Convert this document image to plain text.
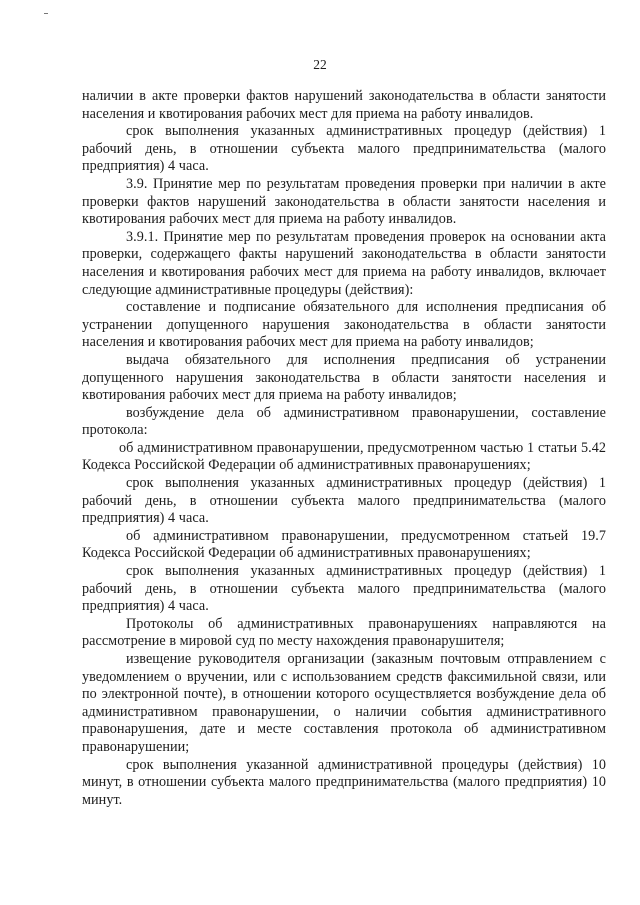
22

наличии в акте проверки фактов нарушений законодательства в области занятости населения и квотирования рабочих мест для приема на работу инвалидов.

срок выполнения указанных административных процедур (действия) 1 рабочий день, в отношении субъекта малого предпринимательства (малого предприятия) 4 часа.

3.9. Принятие мер по результатам проведения проверки при наличии в акте проверки фактов нарушений законодательства в области занятости населения и квотирования рабочих мест для приема на работу инвалидов.

3.9.1. Принятие мер по результатам проведения проверок на основании акта проверки, содержащего факты нарушений законодательства в области занятости населения и квотирования рабочих мест для приема на работу инвалидов, включает следующие административные процедуры (действия):

составление и подписание обязательного для исполнения предписания об устранении допущенного нарушения законодательства в области занятости населения и квотирования рабочих мест для приема на работу инвалидов;

выдача обязательного для исполнения предписания об устранении допущенного нарушения законодательства в области занятости населения и квотирования рабочих мест для приема на работу инвалидов;

возбуждение дела об административном правонарушении, составление протокола:

об административном правонарушении, предусмотренном частью 1 статьи 5.42 Кодекса Российской Федерации об административных правонарушениях;

срок выполнения указанных административных процедур (действия) 1 рабочий день, в отношении субъекта малого предпринимательства (малого предприятия) 4 часа.

об административном правонарушении, предусмотренном статьей 19.7 Кодекса Российской Федерации об административных правонарушениях;

срок выполнения указанных административных процедур (действия) 1 рабочий день, в отношении субъекта малого предпринимательства (малого предприятия) 4 часа.

Протоколы об административных правонарушениях направляются на рассмотрение в мировой суд по месту нахождения правонарушителя;

извещение руководителя организации (заказным почтовым отправлением с уведомлением о вручении, или с использованием средств факсимильной связи, или по электронной почте), в отношении которого осуществляется возбуждение дела об административном правонарушении, о наличии события административного правонарушения, дате и месте составления протокола об административном правонарушении;

срок выполнения указанной административной процедуры (действия) 10 минут, в отношении субъекта малого предпринимательства (малого предприятия) 10 минут.
